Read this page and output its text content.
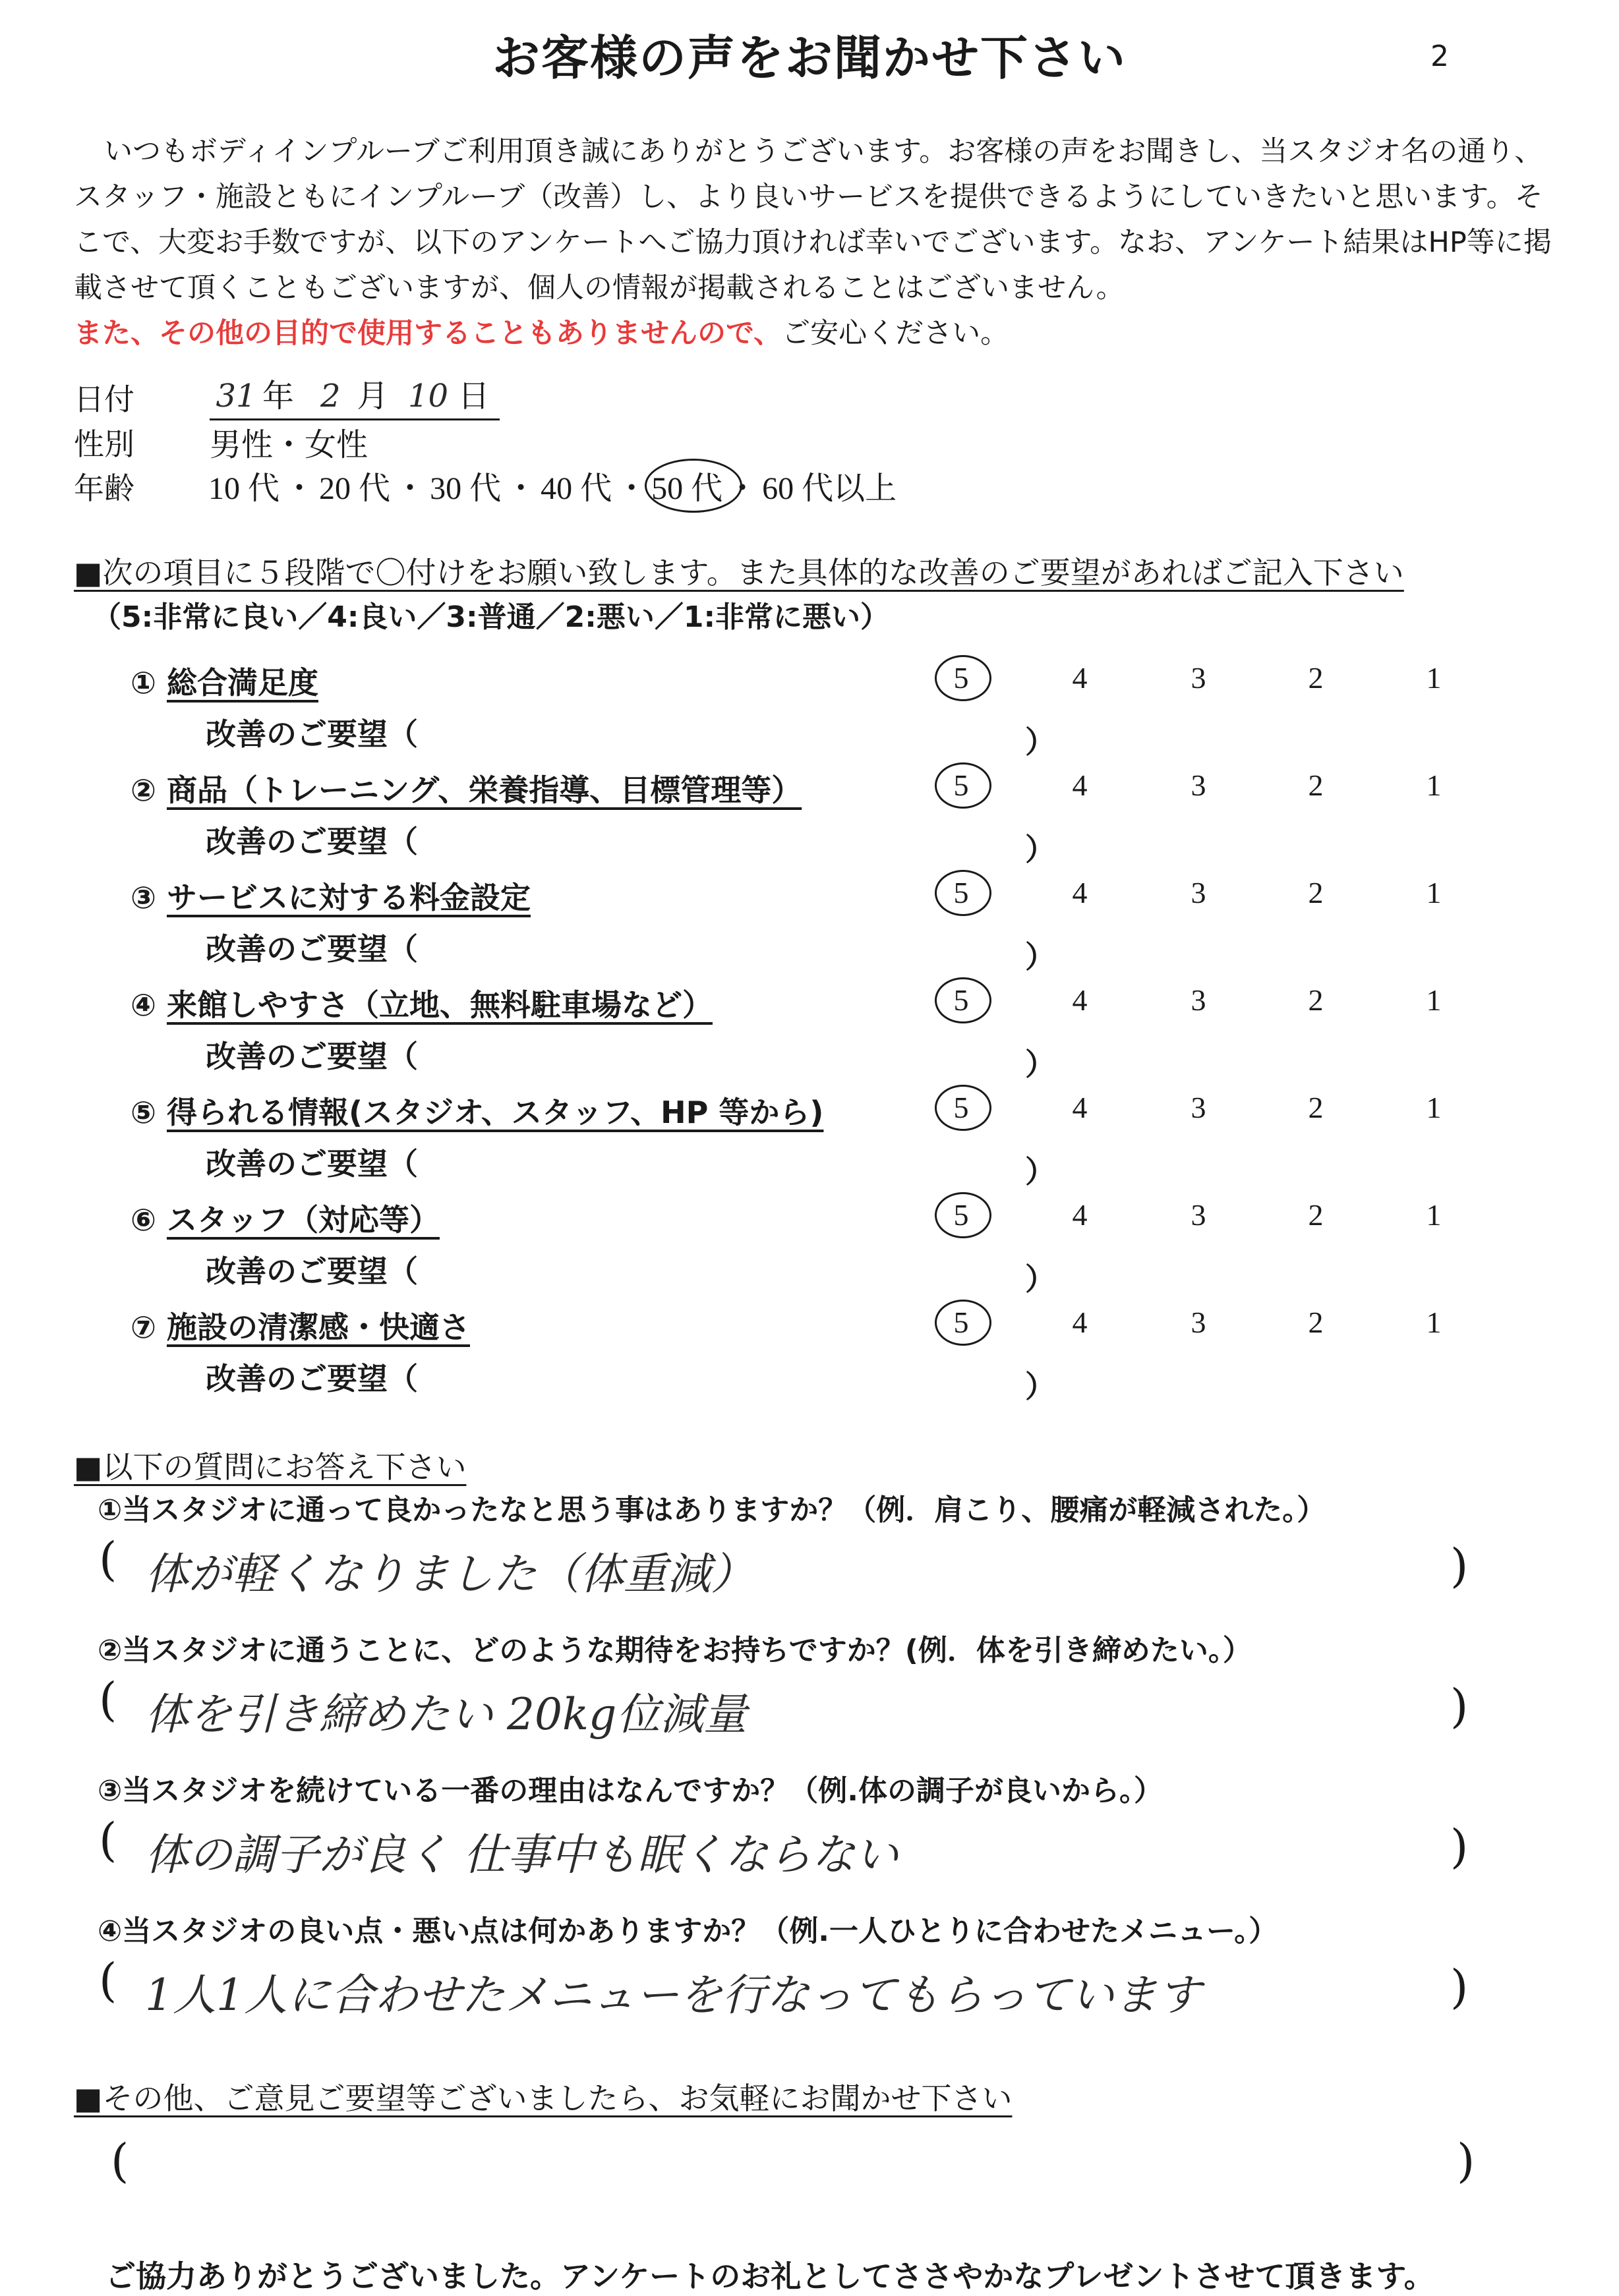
お客様の声をお聞かせ下さい	2

いつもボディインプルーブご利用頂き誠にありがとうございます。お客様の声をお聞きし、当スタジオ名の通り、スタッフ・施設ともにインプルーブ（改善）し、より良いサービスを提供できるようにしていきたいと思います。そこで、大変お手数ですが、以下のアンケートへご協力頂ければ幸いでございます。なお、アンケート結果はHP等に掲載させて頂くこともございますが、個人の情報が掲載されることはございません。

また、その他の目的で使用することもありませんので、ご安心ください。

日付	31 年 2 月 10 日
性別 男性・女性
年齢 10 代 ・ 20 代 ・ 30 代 ・ 40 代 ・ 50 代 ・ 60 代以上
■次の項目に５段階で〇付けをお願い致します。また具体的な改善のご要望があればご記入下さい
（5:非常に良い／4:良い／3:普通／2:悪い／1:非常に悪い）
① 総合満足度	5	4	3	2	1
改善のご要望（	）
② 商品（トレーニング、栄養指導、目標管理等）	5	4	3	2	1
改善のご要望（	）
③ サービスに対する料金設定	5	4	3	2	1
改善のご要望（	）
④ 来館しやすさ（立地、無料駐車場など）	5	4	3	2	1
改善のご要望（	）
⑤ 得られる情報(スタジオ、スタッフ、HP 等から)	5	4	3	2	1
改善のご要望（	）
⑥ スタッフ（対応等）	5	4	3	2	1
改善のご要望（	）
⑦ 施設の清潔感・快適さ	5	4	3	2	1
改善のご要望（	）
■以下の質問にお答え下さい
①当スタジオに通って良かったなと思う事はありますか？（例．肩こり、腰痛が軽減された。）
( 体が軽くなりました（体重減）	)
②当スタジオに通うことに、どのような期待をお持ちですか？(例．体を引き締めたい。）
( 体を引き締めたい 20kg位減量	)
③当スタジオを続けている一番の理由はなんですか？（例.体の調子が良いから。）
( 体の調子が良く 仕事中も眠くならない	)
④当スタジオの良い点・悪い点は何かありますか？（例.一人ひとりに合わせたメニュー。）
( 1人1人に合わせたメニューを行なってもらっています	)
■その他、ご意見ご要望等ございましたら、お気軽にお聞かせ下さい
(	)
ご協力ありがとうございました。アンケートのお礼としてささやかなプレゼントさせて頂きます。
